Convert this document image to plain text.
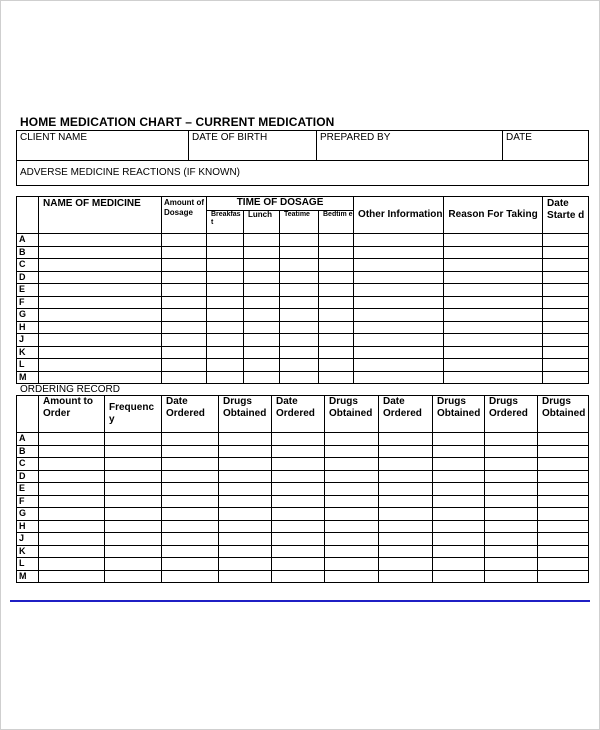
HOME MEDICATION CHART – CURRENT MEDICATION
CLIENT NAME	DATE OF BIRTH	PREPARED BY	DATE
ADVERSE MEDICINE REACTIONS (IF KNOWN)
	NAME OF MEDICINE	Amount of Dosage	TIME OF DOSAGE				Other Information	Reason For Taking	Date Starte d
			Breakfas t	Lunch	Teatime	Bedtim e			
A									
B									
C									
D									
E									
F									
G									
H									
J									
K									
L									
M									
ORDERING RECORD
	Amount to Order	Frequenc y	Date Ordered	Drugs Obtained	Date Ordered	Drugs Obtained	Date Ordered	Drugs Obtained	Drugs Ordered	Drugs Obtained
A										
B										
C										
D										
E										
F										
G										
H										
J										
K										
L										
M										
